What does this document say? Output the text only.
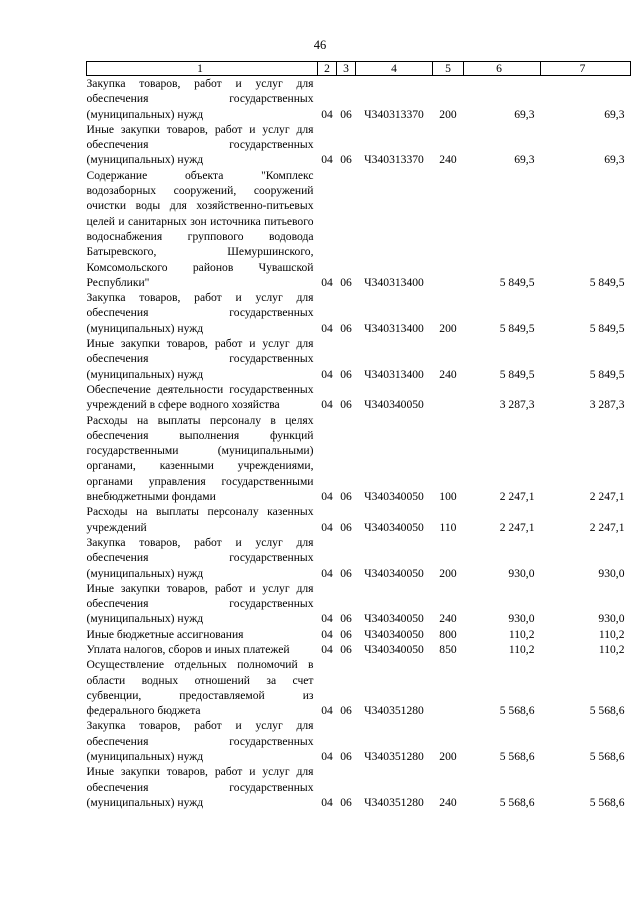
46
1	2	3	4	5	6	7
Закупка товаров, работ и услуг для обеспечения государственных (муниципальных) нужд	04	06	Ч340313370	200	69,3	69,3
Иные закупки товаров, работ и услуг для обеспечения государственных (муниципальных) нужд	04	06	Ч340313370	240	69,3	69,3
Содержание объекта "Комплекс водозаборных сооружений, сооружений очистки воды для хозяйственно-питьевых целей и санитарных зон источника питьевого водоснабжения группового водовода Батыревского, Шемуршинского, Комсомольского районов Чувашской Республики"	04	06	Ч340313400		5 849,5	5 849,5
Закупка товаров, работ и услуг для обеспечения государственных (муниципальных) нужд	04	06	Ч340313400	200	5 849,5	5 849,5
Иные закупки товаров, работ и услуг для обеспечения государственных (муниципальных) нужд	04	06	Ч340313400	240	5 849,5	5 849,5
Обеспечение деятельности государственных учреждений в сфере водного хозяйства	04	06	Ч340340050		3 287,3	3 287,3
Расходы на выплаты персоналу в целях обеспечения выполнения функций государственными (муниципальными) органами, казенными учреждениями, органами управления государственными внебюджетными фондами	04	06	Ч340340050	100	2 247,1	2 247,1
Расходы на выплаты персоналу казенных учреждений	04	06	Ч340340050	110	2 247,1	2 247,1
Закупка товаров, работ и услуг для обеспечения государственных (муниципальных) нужд	04	06	Ч340340050	200	930,0	930,0
Иные закупки товаров, работ и услуг для обеспечения государственных (муниципальных) нужд	04	06	Ч340340050	240	930,0	930,0
Иные бюджетные ассигнования	04	06	Ч340340050	800	110,2	110,2
Уплата налогов, сборов и иных платежей	04	06	Ч340340050	850	110,2	110,2
Осуществление отдельных полномочий в области водных отношений за счет субвенции, предоставляемой из федерального бюджета	04	06	Ч340351280		5 568,6	5 568,6
Закупка товаров, работ и услуг для обеспечения государственных (муниципальных) нужд	04	06	Ч340351280	200	5 568,6	5 568,6
Иные закупки товаров, работ и услуг для обеспечения государственных (муниципальных) нужд	04	06	Ч340351280	240	5 568,6	5 568,6
